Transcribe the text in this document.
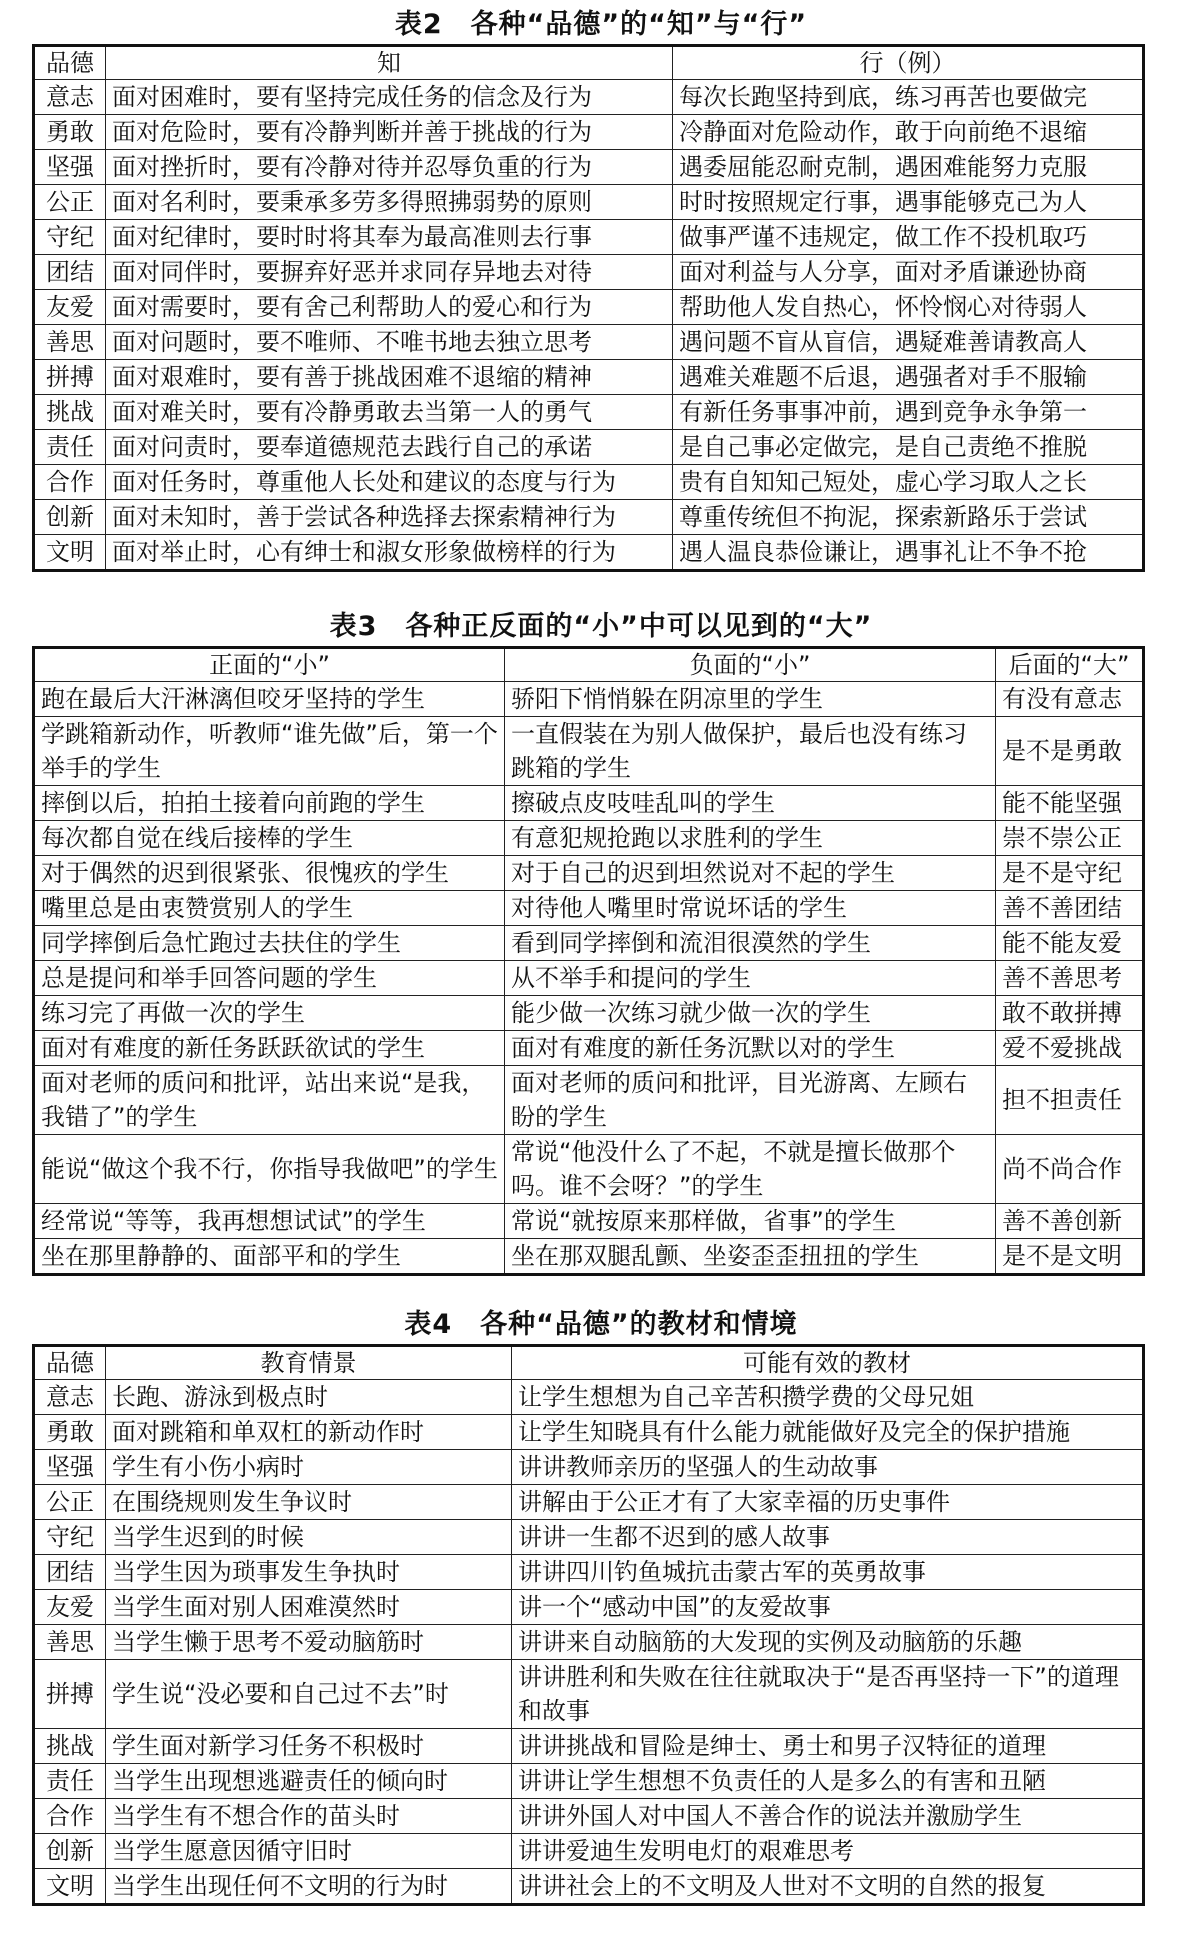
表2　各种“品德”的“知”与“行”
品德	知	行（例）
意志	面对困难时，要有坚持完成任务的信念及行为	每次长跑坚持到底，练习再苦也要做完
勇敢	面对危险时，要有冷静判断并善于挑战的行为	冷静面对危险动作，敢于向前绝不退缩
坚强	面对挫折时，要有冷静对待并忍辱负重的行为	遇委屈能忍耐克制，遇困难能努力克服
公正	面对名利时，要秉承多劳多得照拂弱势的原则	时时按照规定行事，遇事能够克己为人
守纪	面对纪律时，要时时将其奉为最高准则去行事	做事严谨不违规定，做工作不投机取巧
团结	面对同伴时，要摒弃好恶并求同存异地去对待	面对利益与人分享，面对矛盾谦逊协商
友爱	面对需要时，要有舍己利帮助人的爱心和行为	帮助他人发自热心，怀怜悯心对待弱人
善思	面对问题时，要不唯师、不唯书地去独立思考	遇问题不盲从盲信，遇疑难善请教高人
拼搏	面对艰难时，要有善于挑战困难不退缩的精神	遇难关难题不后退，遇强者对手不服输
挑战	面对难关时，要有冷静勇敢去当第一人的勇气	有新任务事事冲前，遇到竞争永争第一
责任	面对问责时，要奉道德规范去践行自己的承诺	是自己事必定做完，是自己责绝不推脱
合作	面对任务时，尊重他人长处和建议的态度与行为	贵有自知知己短处，虚心学习取人之长
创新	面对未知时，善于尝试各种选择去探索精神行为	尊重传统但不拘泥，探索新路乐于尝试
文明	面对举止时，心有绅士和淑女形象做榜样的行为	遇人温良恭俭谦让，遇事礼让不争不抢
表3　各种正反面的“小”中可以见到的“大”
正面的“小”	负面的“小”	后面的“大”
跑在最后大汗淋漓但咬牙坚持的学生	骄阳下悄悄躲在阴凉里的学生	有没有意志
学跳箱新动作，听教师“谁先做”后，第一个举手的学生	一直假装在为别人做保护，最后也没有练习跳箱的学生	是不是勇敢
摔倒以后，拍拍土接着向前跑的学生	擦破点皮吱哇乱叫的学生	能不能坚强
每次都自觉在线后接棒的学生	有意犯规抢跑以求胜利的学生	崇不崇公正
对于偶然的迟到很紧张、很愧疚的学生	对于自己的迟到坦然说对不起的学生	是不是守纪
嘴里总是由衷赞赏别人的学生	对待他人嘴里时常说坏话的学生	善不善团结
同学摔倒后急忙跑过去扶住的学生	看到同学摔倒和流泪很漠然的学生	能不能友爱
总是提问和举手回答问题的学生	从不举手和提问的学生	善不善思考
练习完了再做一次的学生	能少做一次练习就少做一次的学生	敢不敢拼搏
面对有难度的新任务跃跃欲试的学生	面对有难度的新任务沉默以对的学生	爱不爱挑战
面对老师的质问和批评，站出来说“是我，我错了”的学生	面对老师的质问和批评，目光游离、左顾右盼的学生	担不担责任
能说“做这个我不行，你指导我做吧”的学生	常说“他没什么了不起，不就是擅长做那个吗。谁不会呀？”的学生	尚不尚合作
经常说“等等，我再想想试试”的学生	常说“就按原来那样做，省事”的学生	善不善创新
坐在那里静静的、面部平和的学生	坐在那双腿乱颤、坐姿歪歪扭扭的学生	是不是文明
表4　各种“品德”的教材和情境
品德	教育情景	可能有效的教材
意志	长跑、游泳到极点时	让学生想想为自己辛苦积攒学费的父母兄姐
勇敢	面对跳箱和单双杠的新动作时	让学生知晓具有什么能力就能做好及完全的保护措施
坚强	学生有小伤小病时	讲讲教师亲历的坚强人的生动故事
公正	在围绕规则发生争议时	讲解由于公正才有了大家幸福的历史事件
守纪	当学生迟到的时候	讲讲一生都不迟到的感人故事
团结	当学生因为琐事发生争执时	讲讲四川钓鱼城抗击蒙古军的英勇故事
友爱	当学生面对别人困难漠然时	讲一个“感动中国”的友爱故事
善思	当学生懒于思考不爱动脑筋时	讲讲来自动脑筋的大发现的实例及动脑筋的乐趣
拼搏	学生说“没必要和自己过不去”时	讲讲胜利和失败在往往就取决于“是否再坚持一下”的道理和故事
挑战	学生面对新学习任务不积极时	讲讲挑战和冒险是绅士、勇士和男子汉特征的道理
责任	当学生出现想逃避责任的倾向时	讲讲让学生想想不负责任的人是多么的有害和丑陋
合作	当学生有不想合作的苗头时	讲讲外国人对中国人不善合作的说法并激励学生
创新	当学生愿意因循守旧时	讲讲爱迪生发明电灯的艰难思考
文明	当学生出现任何不文明的行为时	讲讲社会上的不文明及人世对不文明的自然的报复
